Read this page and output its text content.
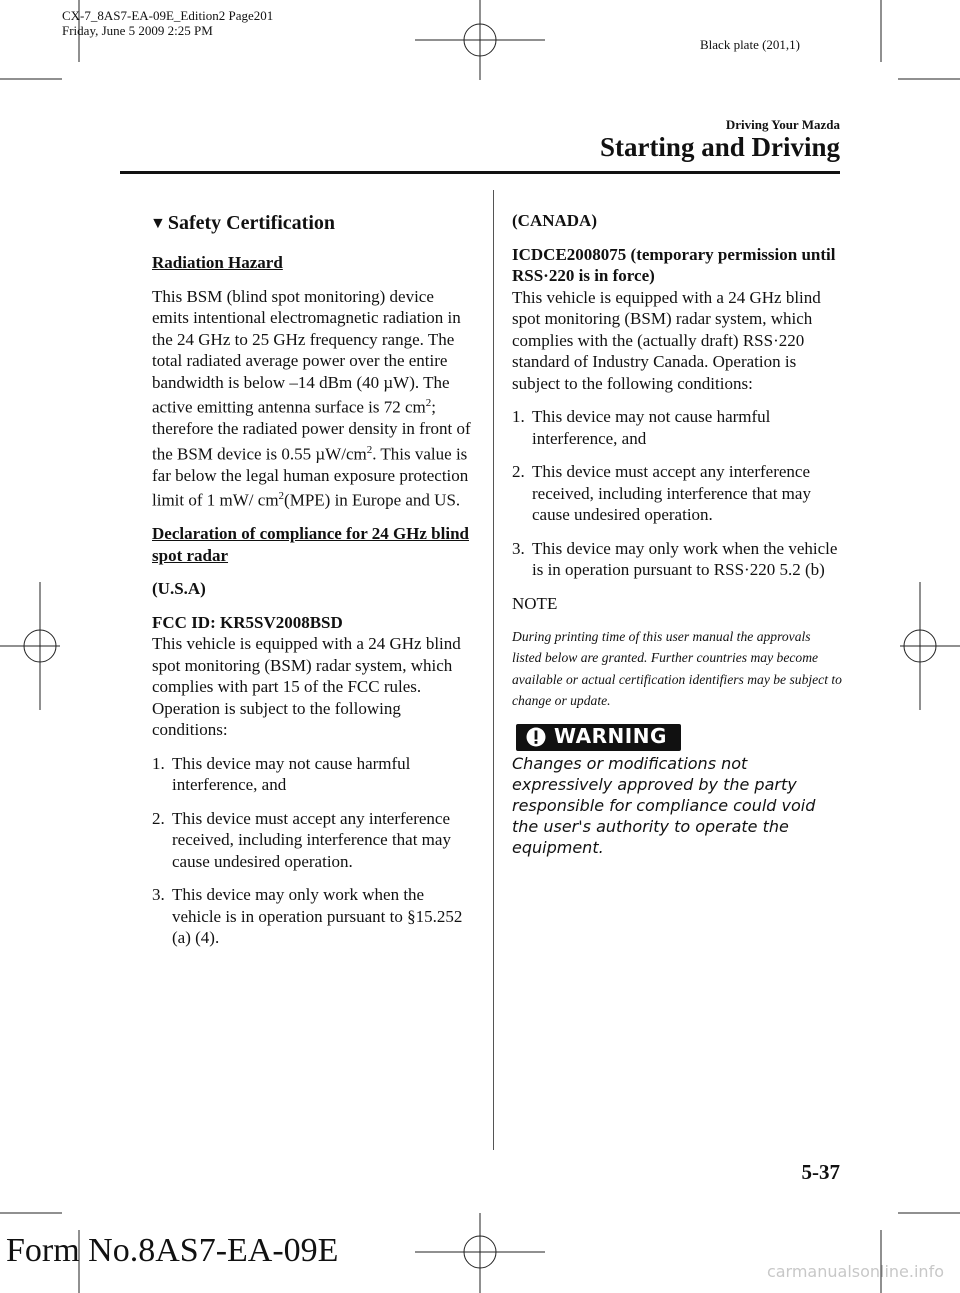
CX-7_8AS7-EA-09E_Edition2 Page201
Friday, June 5 2009 2:25 PM
Black plate (201,1)
Driving Your Mazda
Starting and Driving

▼ Safety Certification

Radiation Hazard

This BSM (blind spot monitoring) device emits intentional electromagnetic radiation in the 24 GHz to 25 GHz frequency range. The total radiated average power over the entire bandwidth is below –14 dBm (40 µW). The active emitting antenna surface is 72 $cm^2$; therefore the radiated power density in front of the BSM device is 0.55 $\mu W/cm^2$. This value is far below the legal human exposure protection limit of 1 mW/ $cm^2(MPE)$ in Europe and US.

Declaration of compliance for 24 GHz blind spot radar

(U.S.A)

FCC ID: KR5SV2008BSD

This vehicle is equipped with a 24 GHz blind spot monitoring (BSM) radar system, which complies with part 15 of the FCC rules. Operation is subject to the following conditions:

1. This device may not cause harmful interference, and
2. This device must accept any interference received, including interference that may cause undesired operation.
3. This device may only work when the vehicle is in operation pursuant to §15.252 (a) (4).

(CANADA)

ICDCE2008075 (temporary permission until RSS·220 is in force)

This vehicle is equipped with a 24 GHz blind spot monitoring (BSM) radar system, which complies with the (actually draft) RSS·220 standard of Industry Canada. Operation is subject to the following conditions:

1. This device may not cause harmful interference, and
2. This device must accept any interference received, including interference that may cause undesired operation.
3. This device may only work when the vehicle is in operation pursuant to RSS·220 5.2 (b)

NOTE

During printing time of this user manual the approvals listed below are granted. Further countries may become available or actual certification identifiers may be subject to change or update.

WARNING

Changes or modifications not expressively approved by the party responsible for compliance could void the user's authority to operate the equipment.

5-37
Form No.8AS7-EA-09E
carmanualsonline.info
